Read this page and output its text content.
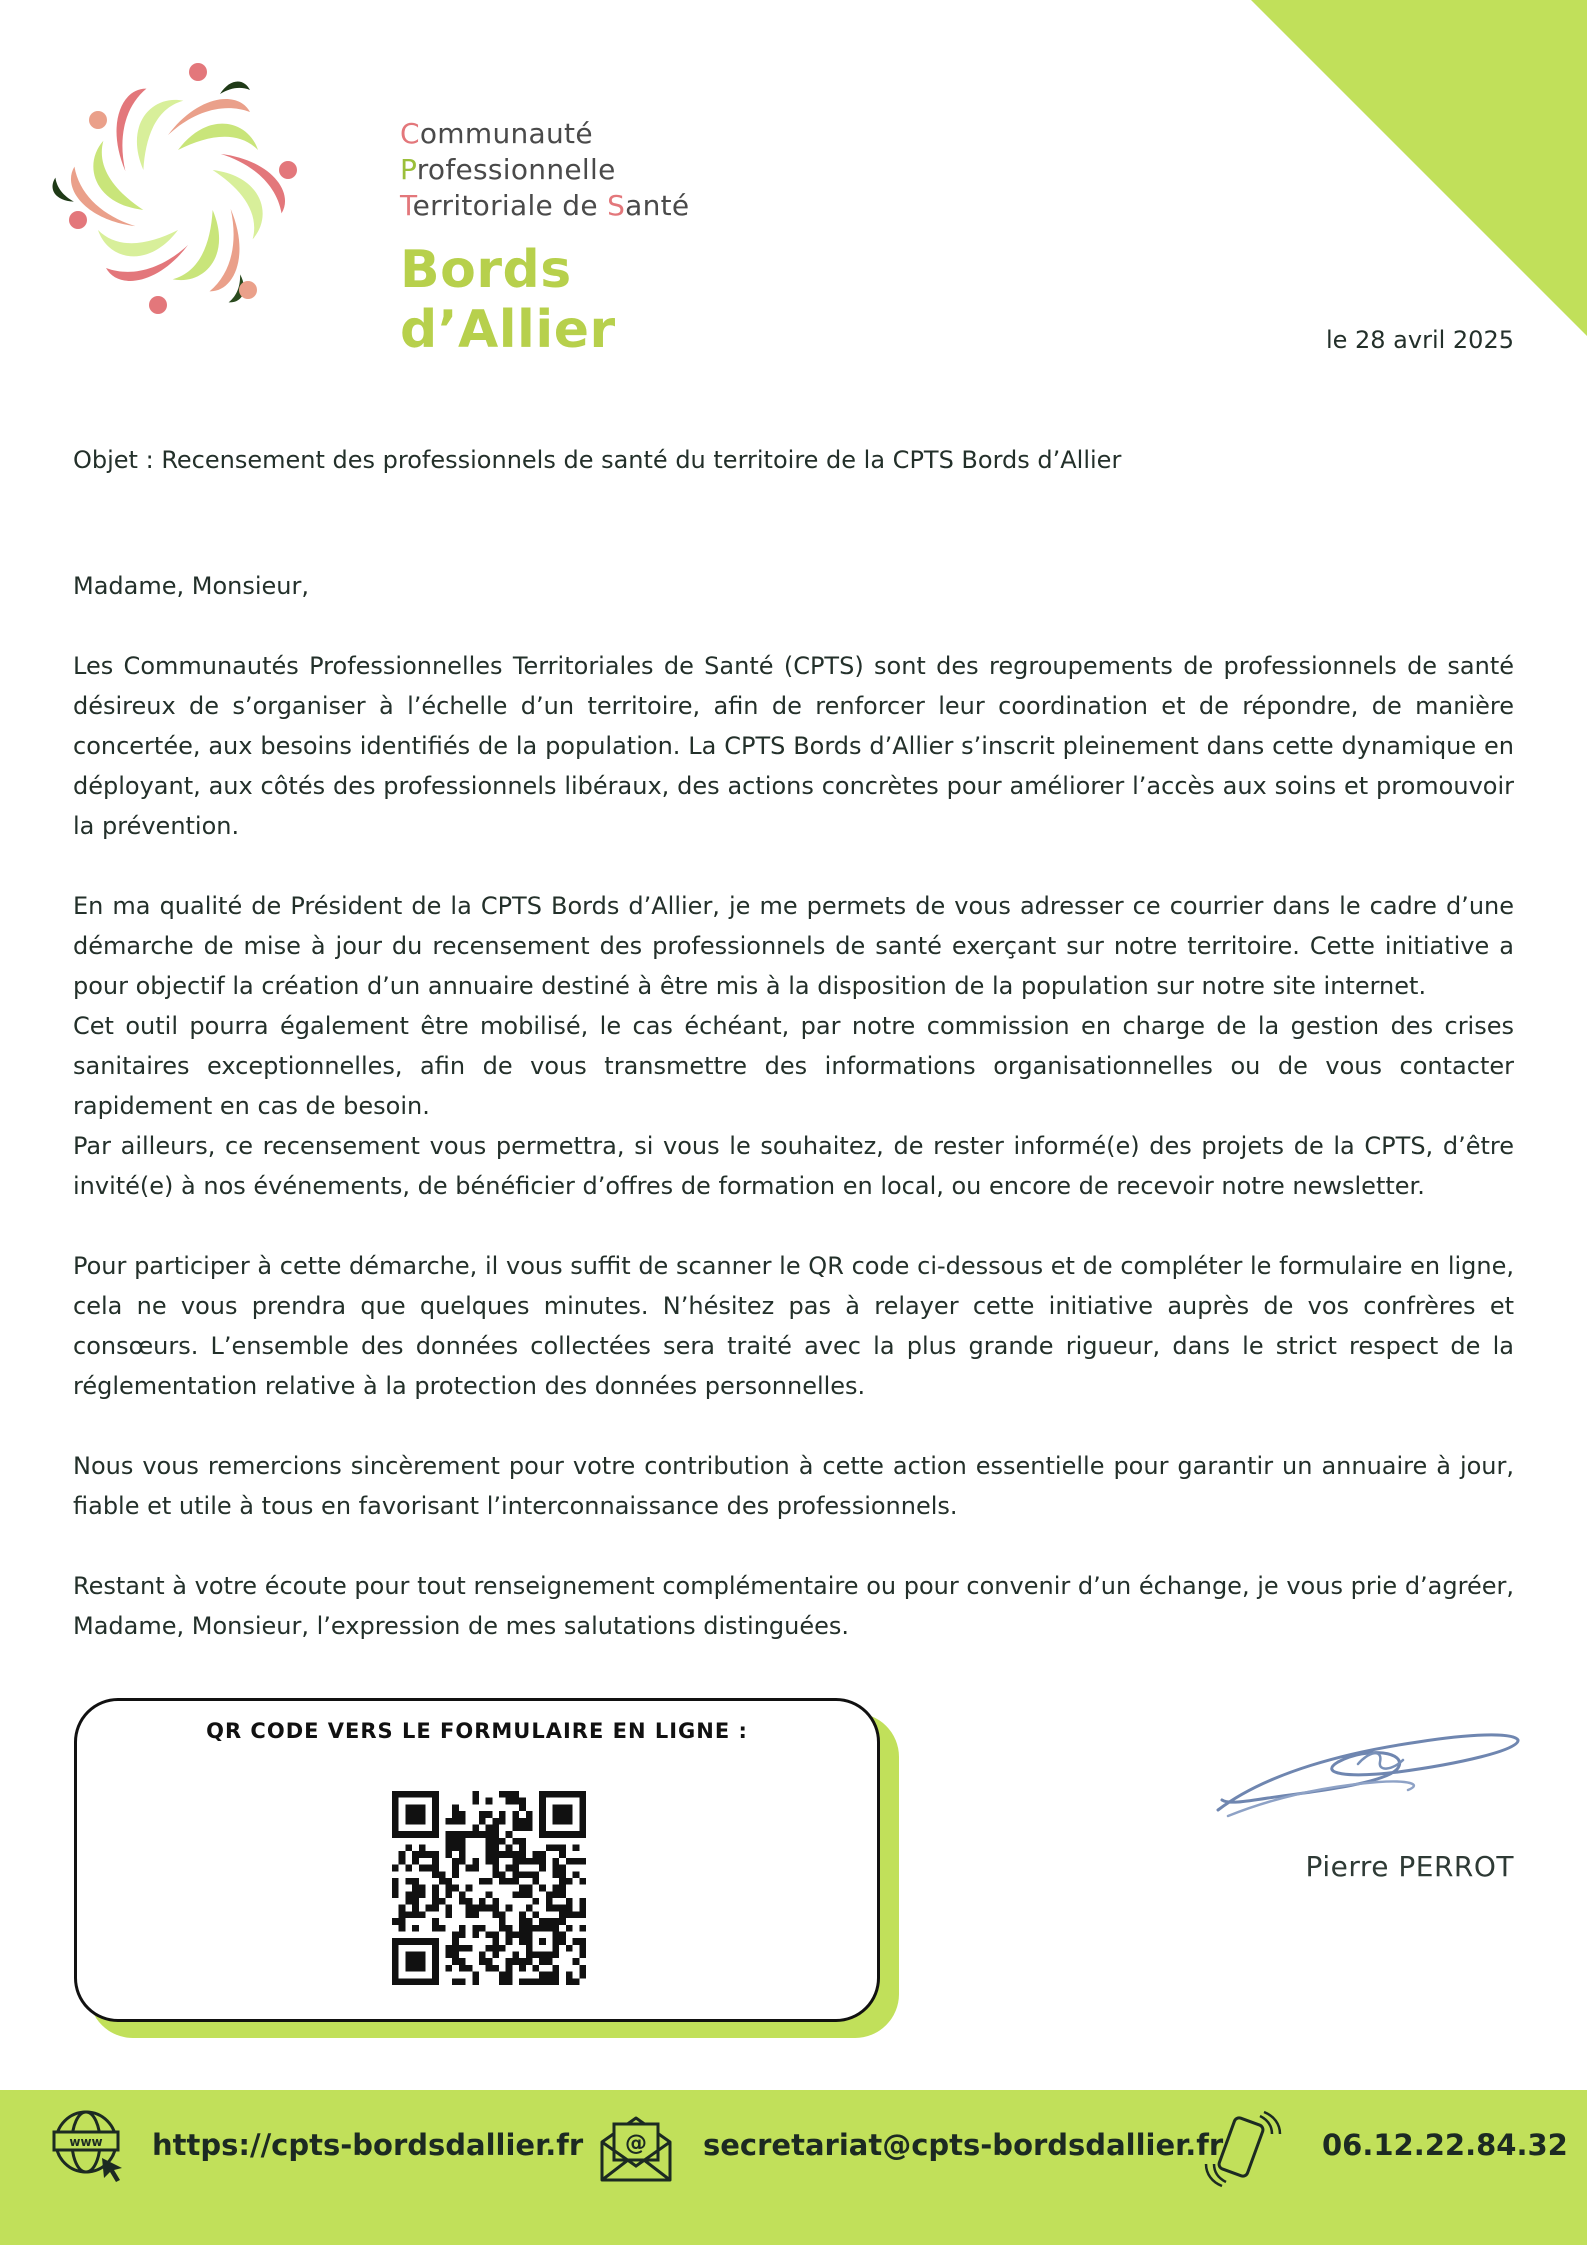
Communauté Professionnelle
Territoriale de Santé
Bords d’Allier	le 28 avril 2025
Objet : Recensement des professionnels de santé du territoire de la CPTS Bords d’Allier

Madame, Monsieur,

Les Communautés Professionnelles Territoriales de Santé (CPTS) sont des regroupements de professionnels de santé désireux de s’organiser à l’échelle d’un territoire, afin de renforcer leur coordination et de répondre, de manière concertée, aux besoins identifiés de la population. La CPTS Bords d’Allier s’inscrit pleinement dans cette dynamique en déployant, aux côtés des professionnels libéraux, des actions concrètes pour améliorer l’accès aux soins et promouvoir la prévention.

En ma qualité de Président de la CPTS Bords d’Allier, je me permets de vous adresser ce courrier dans le cadre d’une démarche de mise à jour du recensement des professionnels de santé exerçant sur notre territoire. Cette initiative a pour objectif la création d’un annuaire destiné à être mis à la disposition de la population sur notre site internet.

Cet outil pourra également être mobilisé, le cas échéant, par notre commission en charge de la gestion des crises sanitaires exceptionnelles, afin de vous transmettre des informations organisationnelles ou de vous contacter rapidement en cas de besoin.

Par ailleurs, ce recensement vous permettra, si vous le souhaitez, de rester informé(e) des projets de la CPTS, d’être invité(e) à nos événements, de bénéficier d’offres de formation en local, ou encore de recevoir notre newsletter.

Pour participer à cette démarche, il vous suffit de scanner le QR code ci-dessous et de compléter le formulaire en ligne, cela ne vous prendra que quelques minutes. N’hésitez pas à relayer cette initiative auprès de vos confrères et consœurs. L’ensemble des données collectées sera traité avec la plus grande rigueur, dans le strict respect de la réglementation relative à la protection des données personnelles.

Nous vous remercions sincèrement pour votre contribution à cette action essentielle pour garantir un annuaire à jour, fiable et utile à tous en favorisant l’interconnaissance des professionnels.

Restant à votre écoute pour tout renseignement complémentaire ou pour convenir d’un échange, je vous prie d’agréer, Madame, Monsieur, l’expression de mes salutations distinguées.

QR CODE VERS LE FORMULAIRE EN LIGNE :
Pierre PERROT
www https://cpts-bordsdallier.fr @ secretariat@cpts-bordsdallier.fr	06.12.22.84.32
